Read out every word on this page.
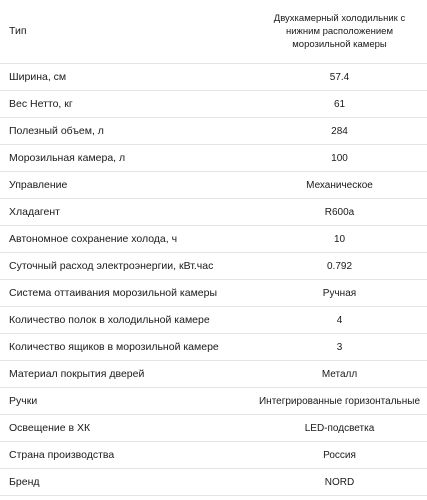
Тип	Двухкамерный холодильник с нижним расположением морозильной камеры
Ширина, см	57.4
Вес Нетто, кг	61
Полезный объем, л	284
Морозильная камера, л	100
Управление	Механическое
Хладагент	R600a
Автономное сохранение холода, ч	10
Суточный расход электроэнергии, кВт.час	0.792
Система оттаивания морозильной камеры	Ручная
Количество полок в холодильной камере	4
Количество ящиков в морозильной камере	3
Материал покрытия дверей	Металл
Ручки	Интегрированные горизонтальные
Освещение в ХК	LED-подсветка
Страна производства	Россия
Бренд	NORD
